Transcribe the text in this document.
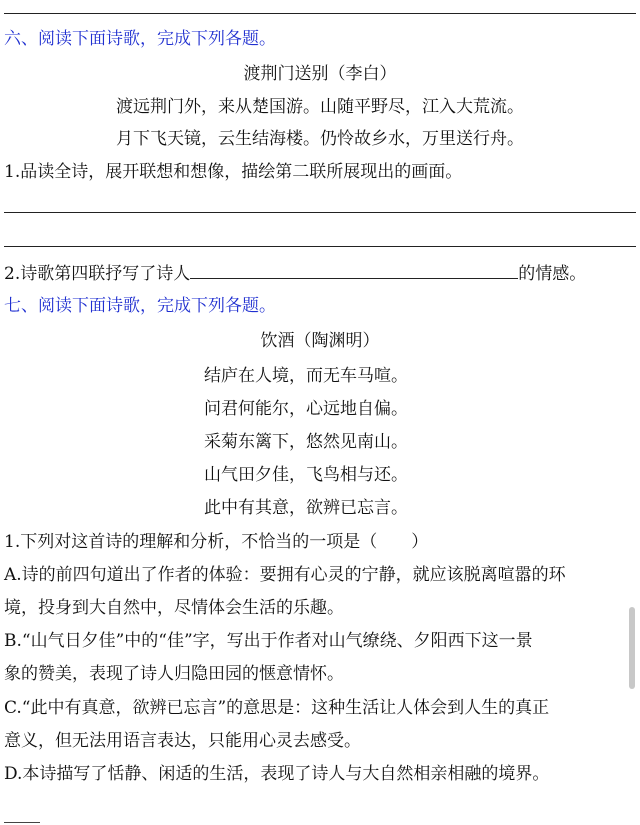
六、阅读下面诗歌，完成下列各题。
渡荆门送别（李白）
渡远荆门外，来从楚国游。山随平野尽，江入大荒流。
月下飞天镜，云生结海楼。仍怜故乡水，万里送行舟。
1.品读全诗，展开联想和想像，描绘第二联所展现出的画面。
2.诗歌第四联抒写了诗人	的情感。
七、阅读下面诗歌，完成下列各题。
饮酒（陶渊明）
结庐在人境，而无车马喧。
问君何能尔，心远地自偏。
采菊东篱下，悠然见南山。
山气田夕佳，飞鸟相与还。
此中有其意，欲辨已忘言。
1.下列对这首诗的理解和分析，不恰当的一项是（　　）
A.诗的前四句道出了作者的体验：要拥有心灵的宁静，就应该脱离喧嚣的环
境，投身到大自然中，尽情体会生活的乐趣。
B.“山气日夕佳”中的“佳”字，写出于作者对山气缭绕、夕阳西下这一景
象的赞美，表现了诗人归隐田园的惬意情怀。
C.“此中有真意，欲辨已忘言”的意思是：这种生活让人体会到人生的真正
意义，但无法用语言表达，只能用心灵去感受。
D.本诗描写了恬静、闲适的生活，表现了诗人与大自然相亲相融的境界。
